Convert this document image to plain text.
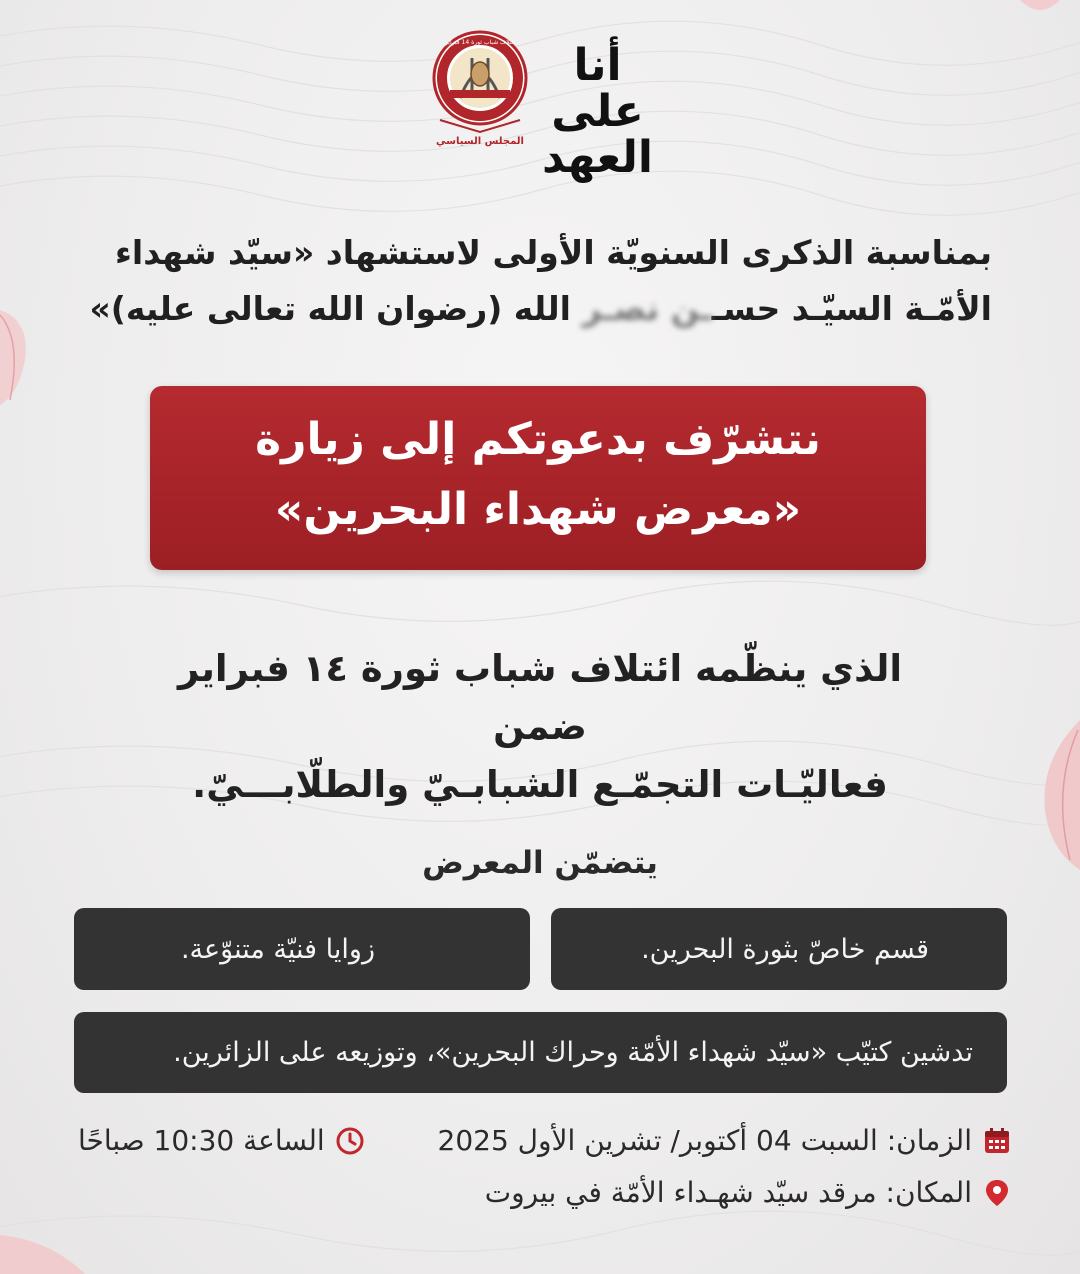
ائتلاف شباب ثورة 14 فبراير
المجلس السياسي
أنا على
العهد
بمناسبة الذكرى السنويّة الأولى لاستشهاد «سيّد شهداء
الأمّـة السيّـد حســن نصـر الله (رضوان الله تعالى عليه)»
نتشرّف بدعوتكم إلى زيارة
«معرض شهداء البحرين»
الذي ينظّمه ائتلاف شباب ثورة ١٤ فبراير ضمن
فعاليّـات التجمّـع الشبابـيّ والطلّابـــيّ.
يتضمّن المعرض
قسم خاصّ بثورة البحرين.
زوايا فنيّة متنوّعة.
تدشين كتيّب «سيّد شهداء الأمّة وحراك البحرين»، وتوزيعه على الزائرين.
الزمان: السبت 04 أكتوبر/ تشرين الأول 2025
الساعة 10:30 صباحًا
المكان: مرقد سيّد شهـداء الأمّة في بيروت
